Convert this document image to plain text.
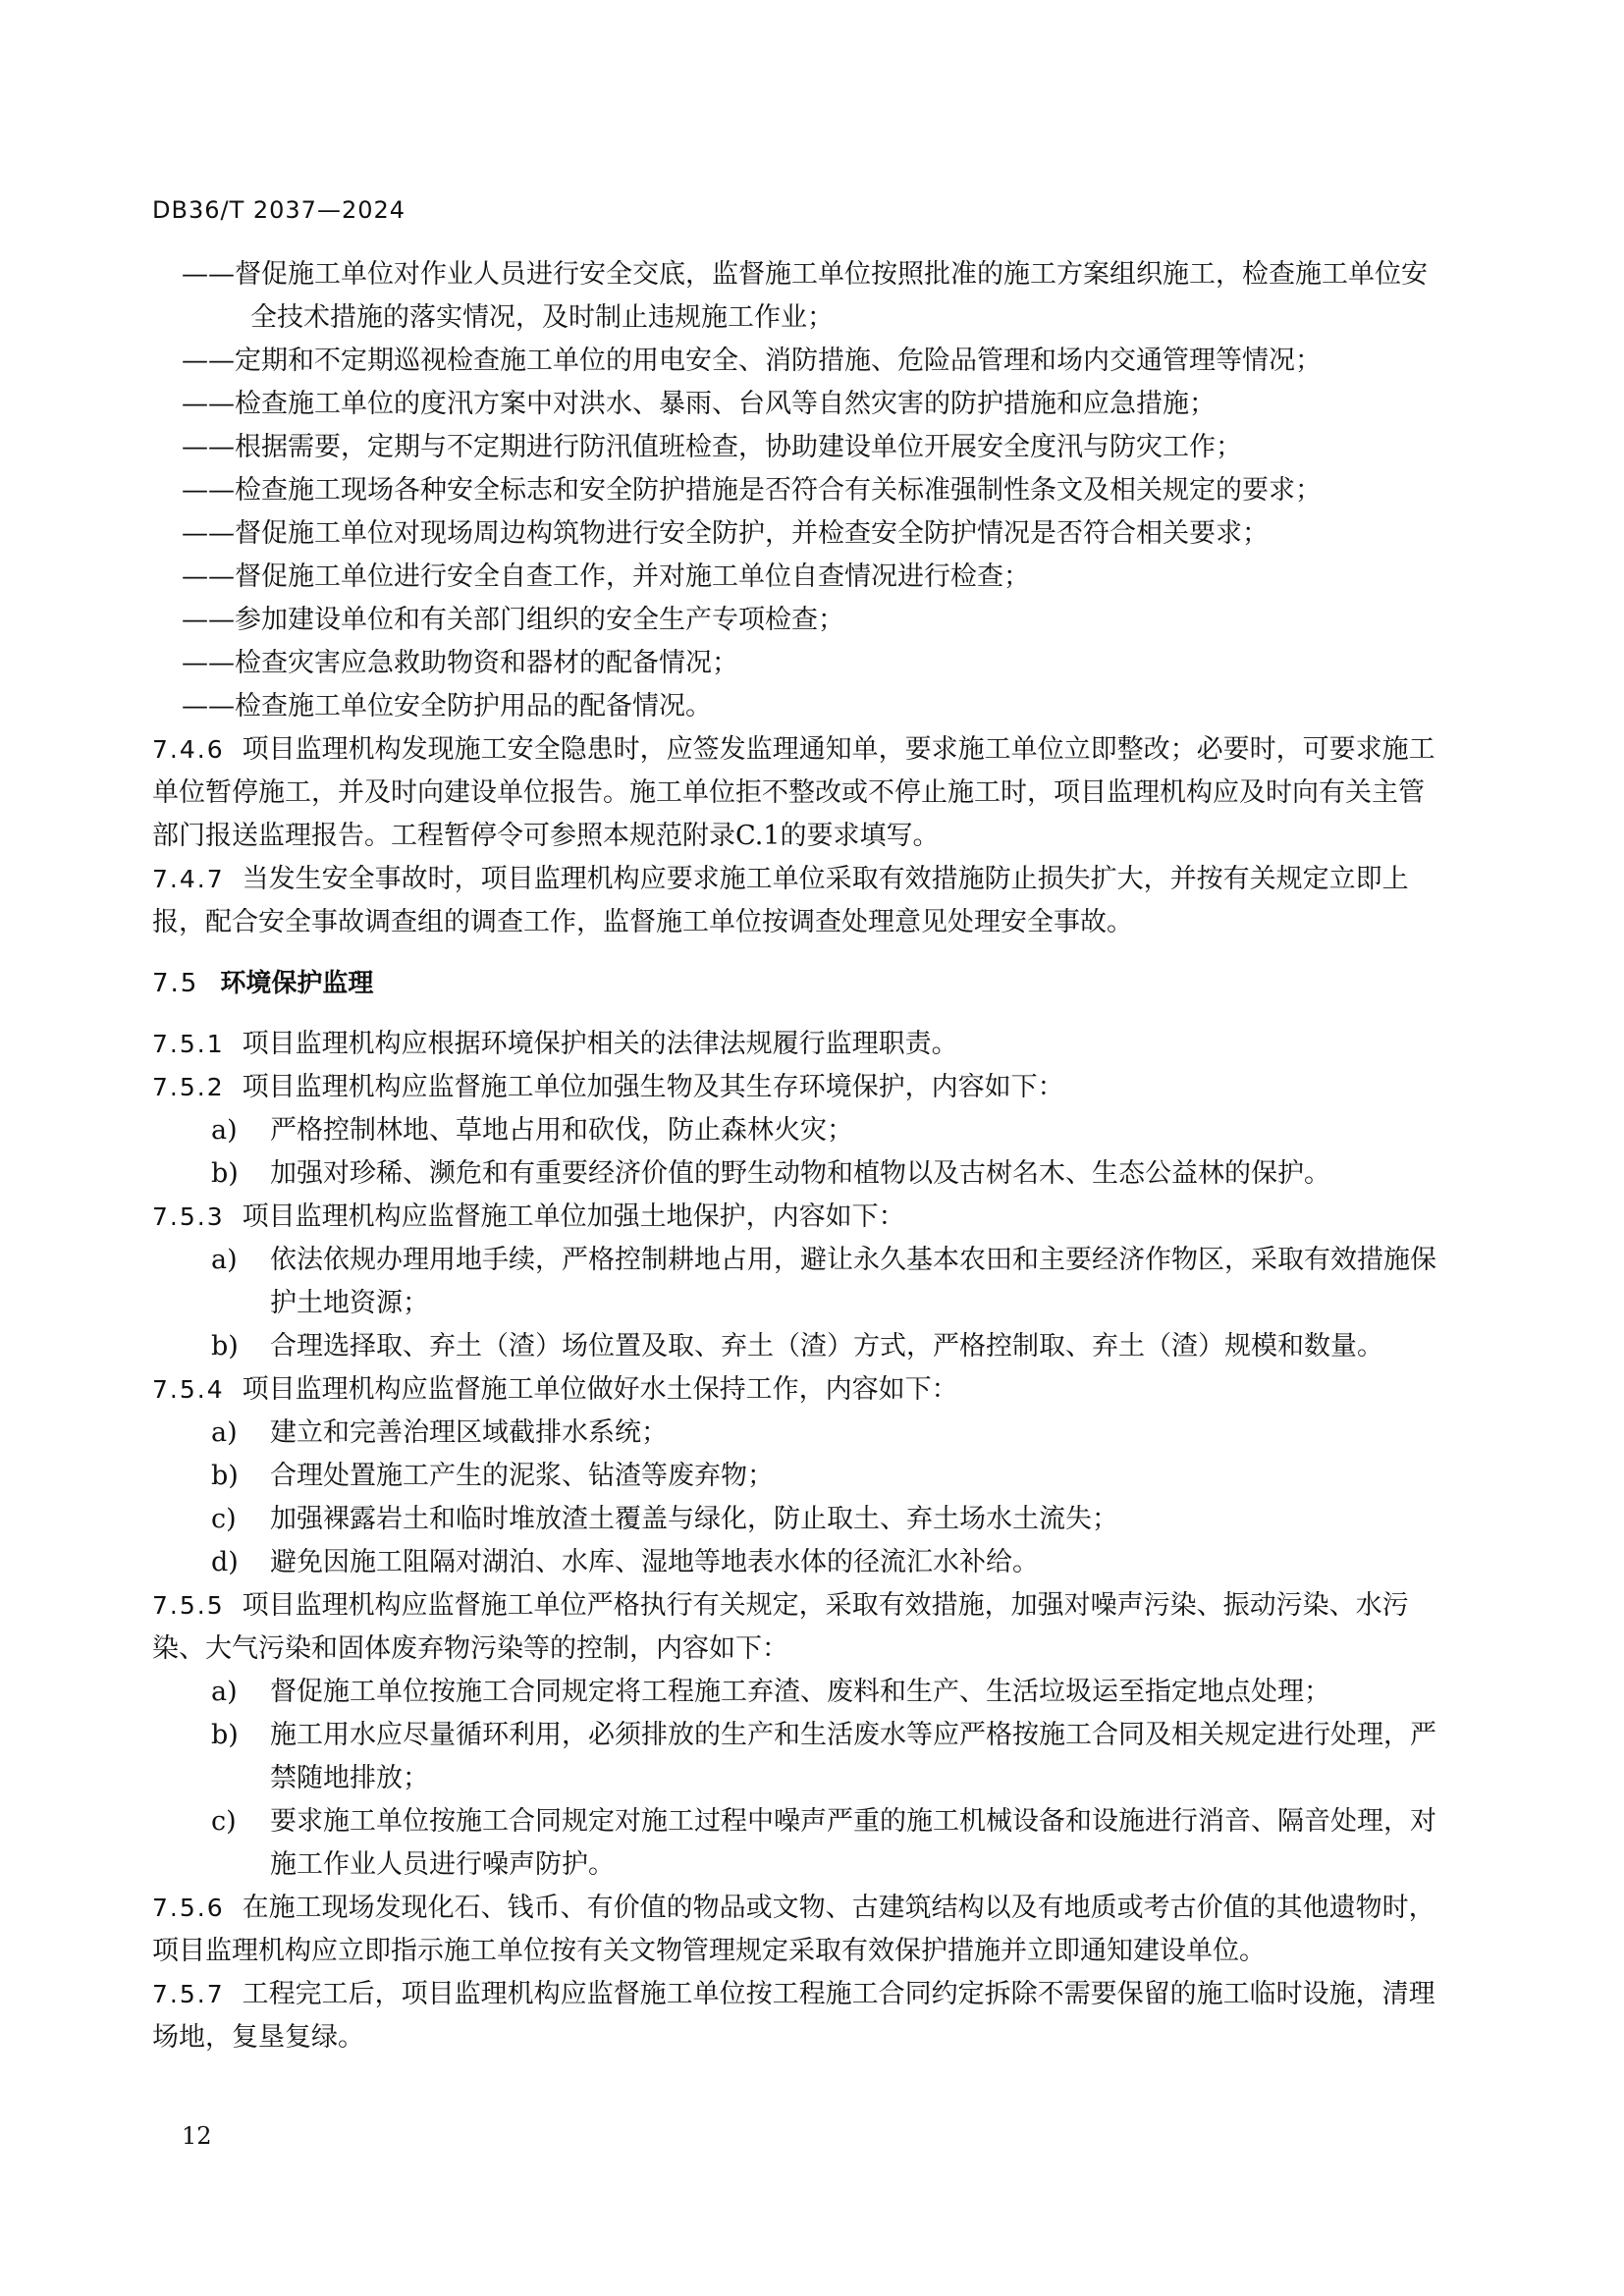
DB36/T 2037—2024

——督促施工单位对作业人员进行安全交底，监督施工单位按照批准的施工方案组织施工，检查施工单位安全技术措施的落实情况，及时制止违规施工作业；

——定期和不定期巡视检查施工单位的用电安全、消防措施、危险品管理和场内交通管理等情况；

——检查施工单位的度汛方案中对洪水、暴雨、台风等自然灾害的防护措施和应急措施；

——根据需要，定期与不定期进行防汛值班检查，协助建设单位开展安全度汛与防灾工作；

——检查施工现场各种安全标志和安全防护措施是否符合有关标准强制性条文及相关规定的要求；

——督促施工单位对现场周边构筑物进行安全防护，并检查安全防护情况是否符合相关要求；

——督促施工单位进行安全自查工作，并对施工单位自查情况进行检查；

——参加建设单位和有关部门组织的安全生产专项检查；

——检查灾害应急救助物资和器材的配备情况；

——检查施工单位安全防护用品的配备情况。

7.4.6 项目监理机构发现施工安全隐患时，应签发监理通知单，要求施工单位立即整改；必要时，可要求施工单位暂停施工，并及时向建设单位报告。施工单位拒不整改或不停止施工时，项目监理机构应及时向有关主管部门报送监理报告。工程暂停令可参照本规范附录C.1的要求填写。

7.4.7 当发生安全事故时，项目监理机构应要求施工单位采取有效措施防止损失扩大，并按有关规定立即上报，配合安全事故调查组的调查工作，监督施工单位按调查处理意见处理安全事故。

7.5 环境保护监理

7.5.1 项目监理机构应根据环境保护相关的法律法规履行监理职责。

7.5.2 项目监理机构应监督施工单位加强生物及其生存环境保护，内容如下：

a) 严格控制林地、草地占用和砍伐，防止森林火灾；

b) 加强对珍稀、濒危和有重要经济价值的野生动物和植物以及古树名木、生态公益林的保护。

7.5.3 项目监理机构应监督施工单位加强土地保护，内容如下：

a) 依法依规办理用地手续，严格控制耕地占用，避让永久基本农田和主要经济作物区，采取有效措施保护土地资源；

b) 合理选择取、弃土（渣）场位置及取、弃土（渣）方式，严格控制取、弃土（渣）规模和数量。

7.5.4 项目监理机构应监督施工单位做好水土保持工作，内容如下：

a) 建立和完善治理区域截排水系统；

b) 合理处置施工产生的泥浆、钻渣等废弃物；

c) 加强裸露岩土和临时堆放渣土覆盖与绿化，防止取土、弃土场水土流失；

d) 避免因施工阻隔对湖泊、水库、湿地等地表水体的径流汇水补给。

7.5.5 项目监理机构应监督施工单位严格执行有关规定，采取有效措施，加强对噪声污染、振动污染、水污染、大气污染和固体废弃物污染等的控制，内容如下：

a) 督促施工单位按施工合同规定将工程施工弃渣、废料和生产、生活垃圾运至指定地点处理；

b) 施工用水应尽量循环利用，必须排放的生产和生活废水等应严格按施工合同及相关规定进行处理，严禁随地排放；

c) 要求施工单位按施工合同规定对施工过程中噪声严重的施工机械设备和设施进行消音、隔音处理，对施工作业人员进行噪声防护。

7.5.6 在施工现场发现化石、钱币、有价值的物品或文物、古建筑结构以及有地质或考古价值的其他遗物时，项目监理机构应立即指示施工单位按有关文物管理规定采取有效保护措施并立即通知建设单位。

7.5.7 工程完工后，项目监理机构应监督施工单位按工程施工合同约定拆除不需要保留的施工临时设施，清理场地，复垦复绿。

12
